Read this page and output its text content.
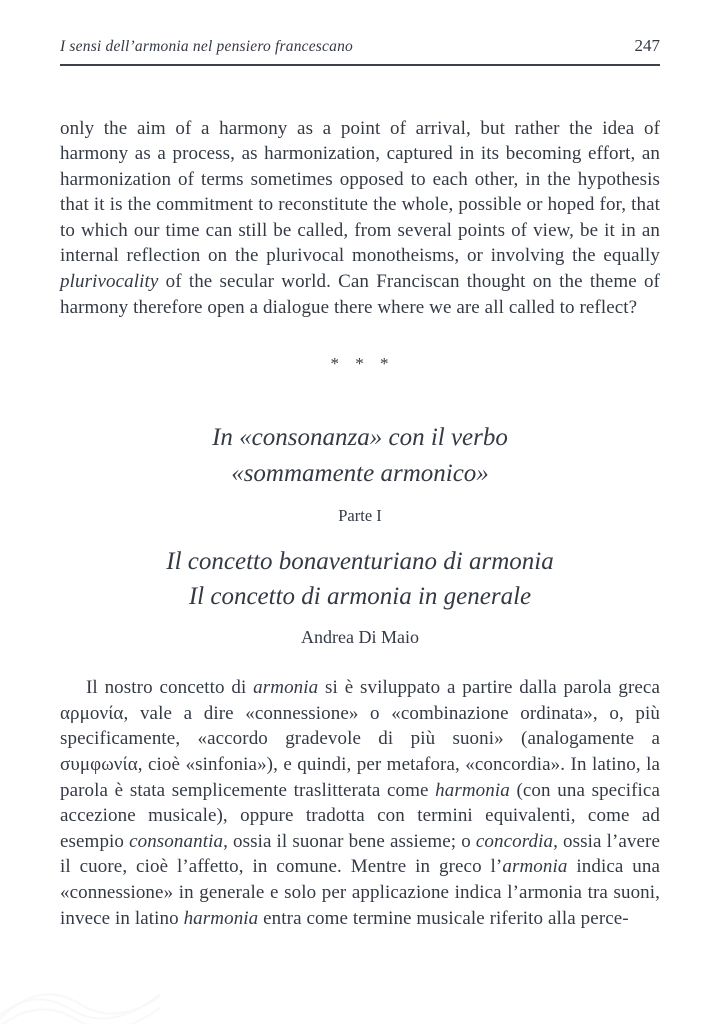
I sensi dell’armonia nel pensiero francescano	247

only the aim of a harmony as a point of arrival, but rather the idea of harmony as a process, as harmonization, captured in its becoming effort, an harmonization of terms sometimes opposed to each other, in the hypothesis that it is the commitment to reconstitute the whole, possible or hoped for, that to which our time can still be called, from several points of view, be it in an internal reflection on the plurivocal monotheisms, or involving the equally plurivocality of the secular world. Can Franciscan thought on the theme of harmony therefore open a dialogue there where we are all called to reflect?

* * *
In «consonanza» con il verbo
«sommamente armonico»
Parte I
Il concetto bonaventuriano di armonia
Il concetto di armonia in generale
Andrea Di Maio

Il nostro concetto di armonia si è sviluppato a partire dalla parola greca αρμονία, vale a dire «connessione» o «combinazione ordinata», o, più specificamente, «accordo gradevole di più suoni» (analogamente a συμφωνία, cioè «sinfonia»), e quindi, per metafora, «concordia». In latino, la parola è stata semplicemente traslitterata come harmonia (con una specifica accezione musicale), oppure tradotta con termini equivalenti, come ad esempio consonantia, ossia il suonar bene assieme; o concordia, ossia l’avere il cuore, cioè l’affetto, in comune. Mentre in greco l’armonia indica una «connessione» in generale e solo per applicazione indica l’armonia tra suoni, invece in latino harmonia entra come termine musicale riferito alla perce-
